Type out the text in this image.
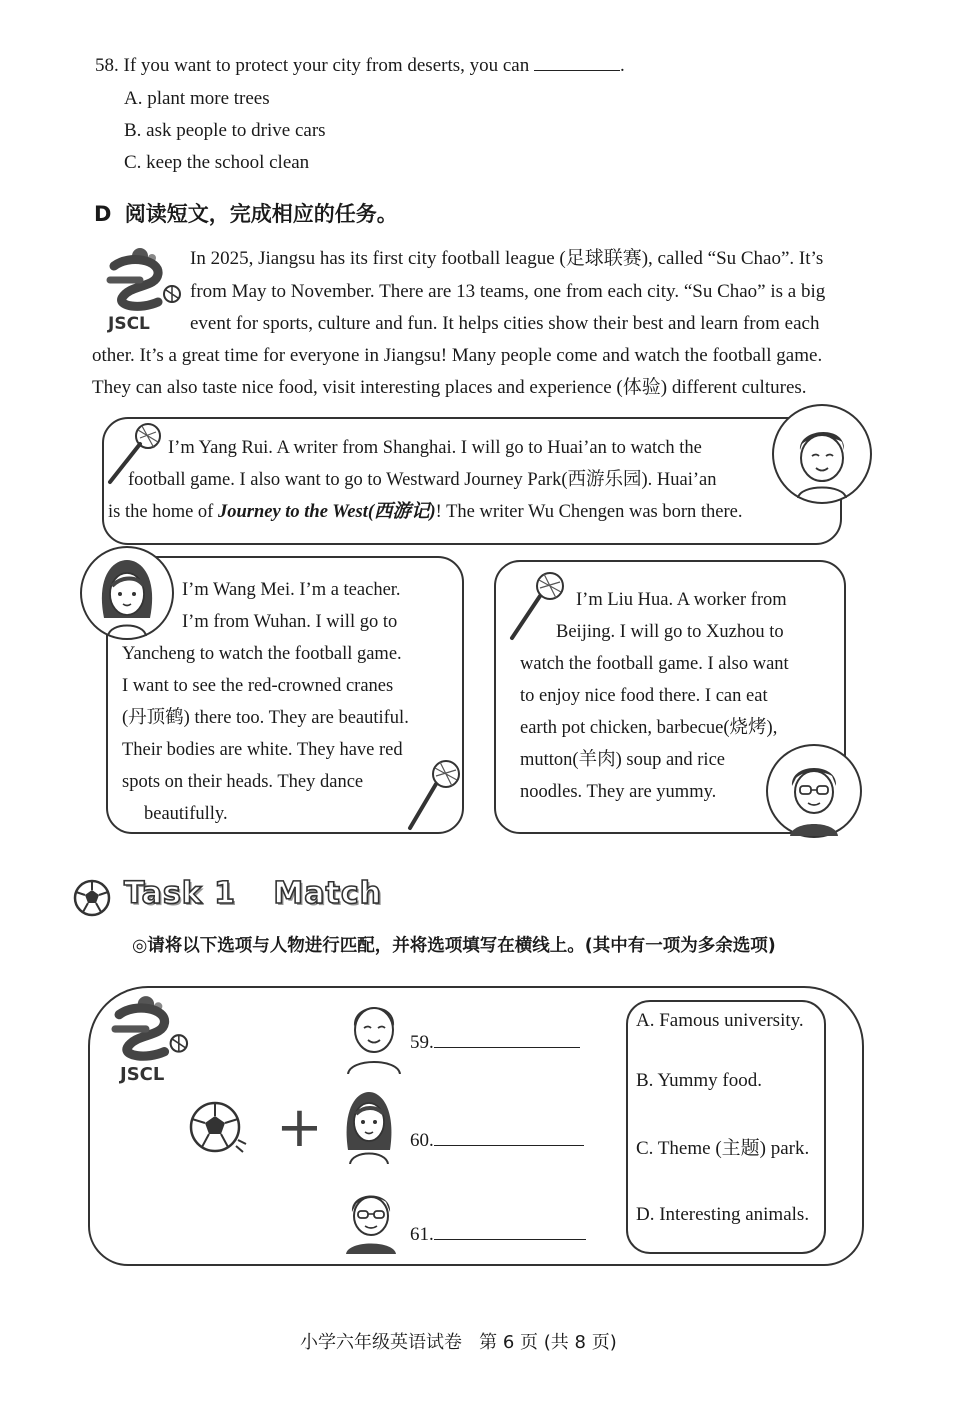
58. If you want to protect your city from deserts, you can	.
A. plant more trees
B. ask people to drive cars
C. keep the school clean
D 阅读短文，完成相应的任务。
JSCL
In 2025, Jiangsu has its first city football league (足球联赛), called “Su Chao”. It’s
from May to November. There are 13 teams, one from each city. “Su Chao” is a big
event for sports, culture and fun. It helps cities show their best and learn from each
other. It’s a great time for everyone in Jiangsu! Many people come and watch the football game.
They can also taste nice food, visit interesting places and experience (体验) different cultures.
I’m Yang Rui. A writer from Shanghai. I will go to Huai’an to watch the
football game. I also want to go to Westward Journey Park(西游乐园). Huai’an
is the home of Journey to the West(西游记)! The writer Wu Chengen was born there.
I’m Wang Mei. I’m a teacher.
I’m from Wuhan. I will go to
Yancheng to watch the football game.
I want to see the red-crowned cranes
(丹顶鹤) there too. They are beautiful.
Their bodies are white. They have red
spots on their heads. They dance
beautifully.
I’m Liu Hua. A worker from
Beijing. I will go to Xuzhou to
watch the football game. I also want
to enjoy nice food there. I can eat
earth pot chicken, barbecue(烧烤),
mutton(羊肉) soup and rice
noodles. They are yummy.
Task 1 Match
◎请将以下选项与人物进行匹配，并将选项填写在横线上。(其中有一项为多余选项)
JSCL
+
59.
60.
61.
A. Famous university.
B. Yummy food.
C. Theme (主题) park.
D. Interesting animals.
小学六年级英语试卷   第 6 页 (共 8 页)
